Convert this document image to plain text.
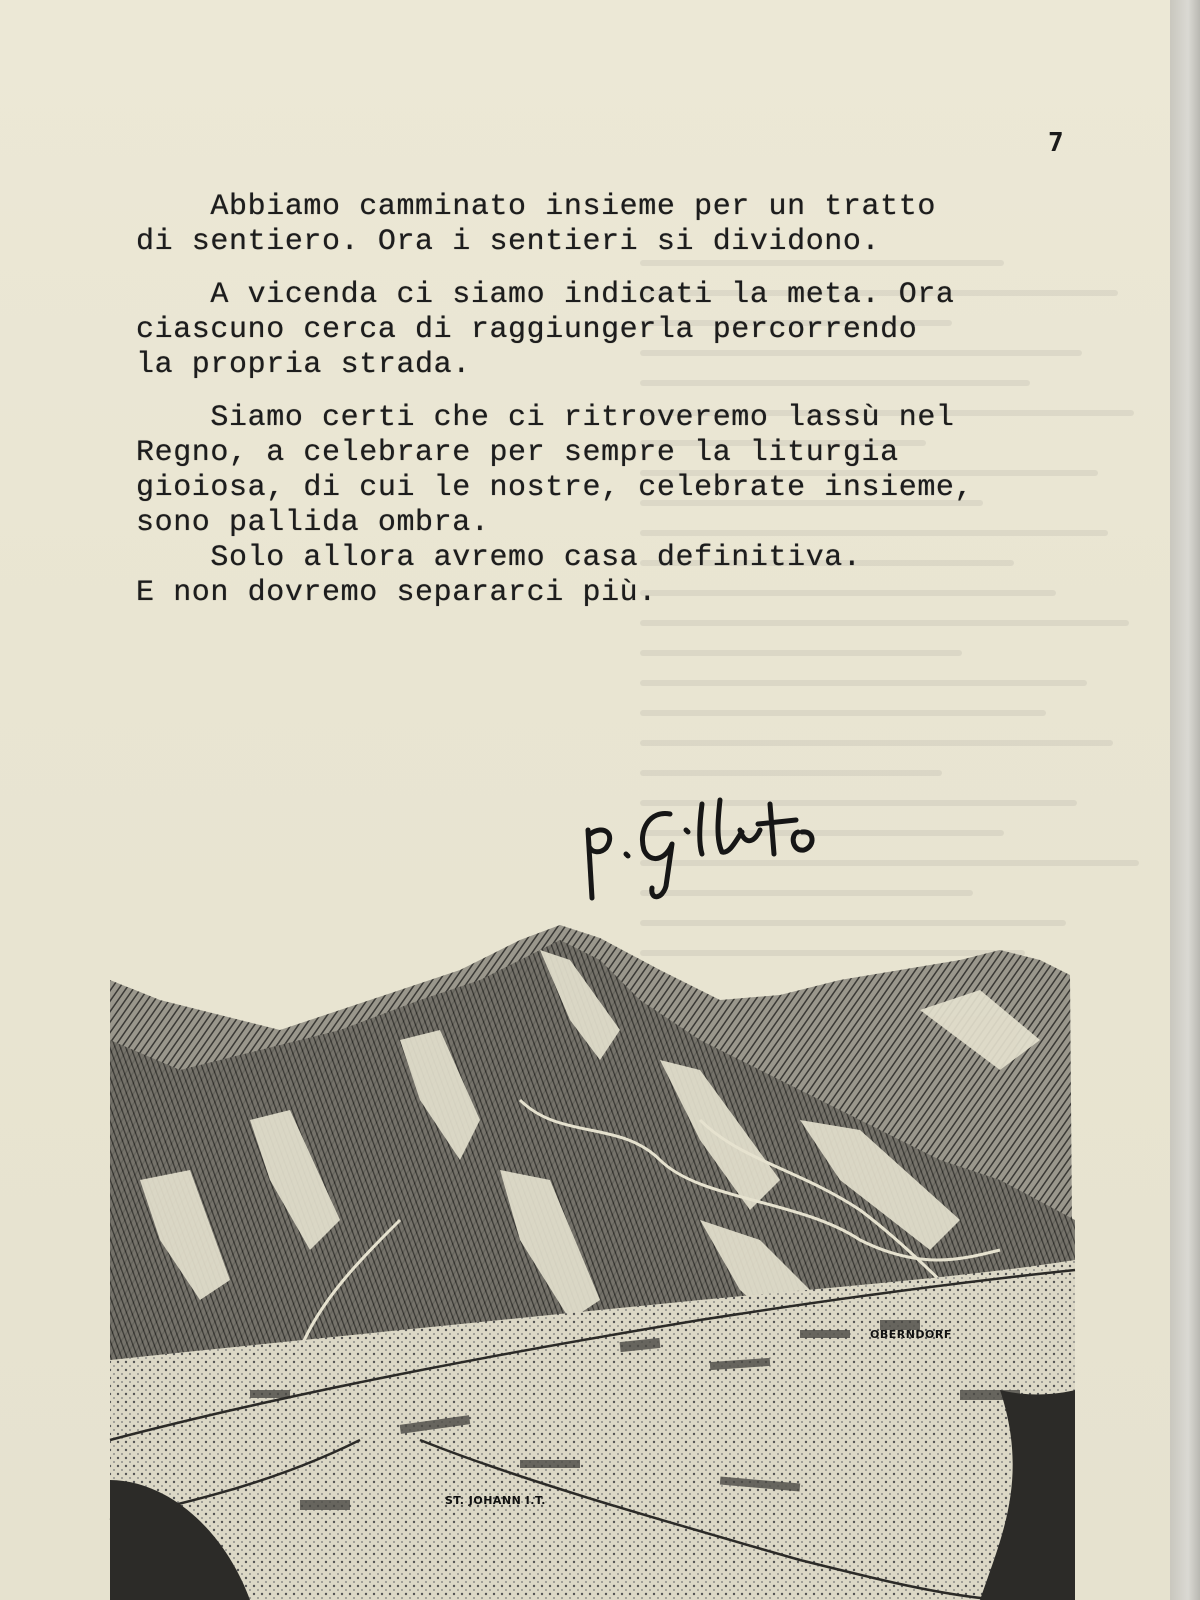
7

Abbiamo camminato insieme per un tratto
di sentiero. Ora i sentieri si dividono.

A vicenda ci siamo indicati la meta. Ora
ciascuno cerca di raggiungerla percorrendo
la propria strada.

Siamo certi che ci ritroveremo lassù nel
Regno, a celebrare per sempre la liturgia
gioiosa, di cui le nostre, celebrate insieme,
sono pallida ombra.

Solo allora avremo casa definitiva.
E non dovremo separarci più.

OBERNDORF
ST. JOHANN I.T.
